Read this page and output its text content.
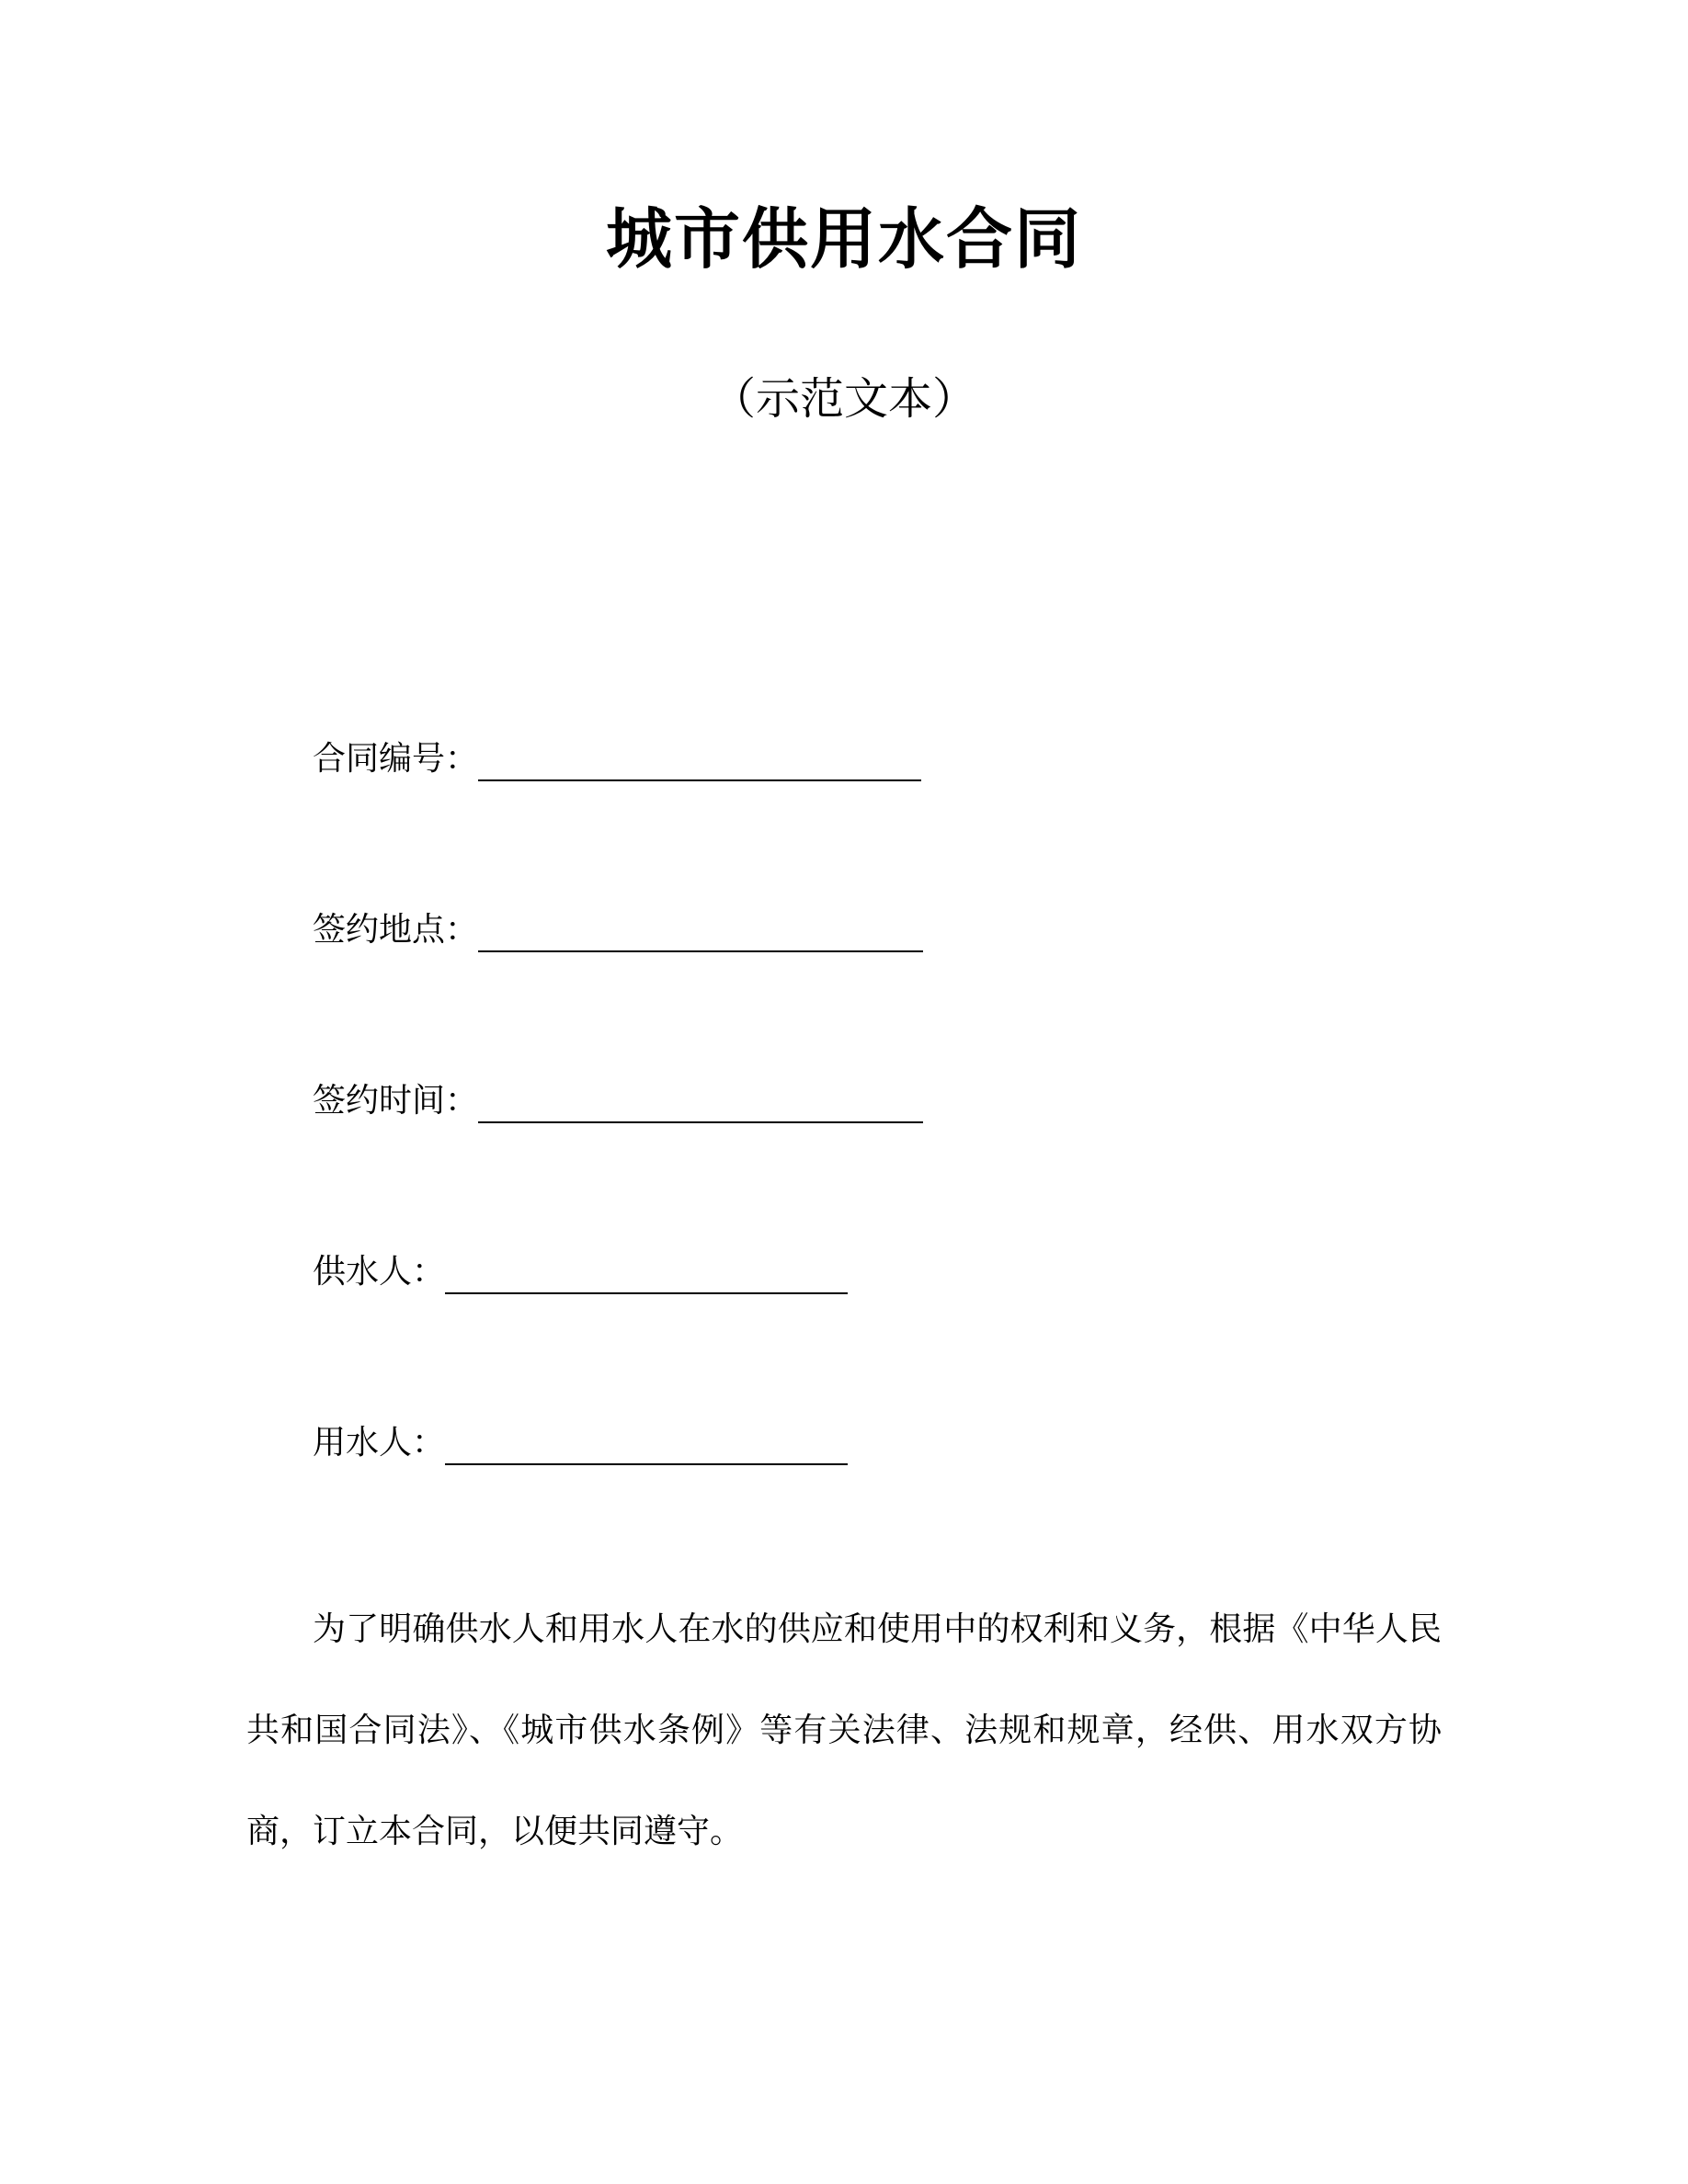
城市供用水合同
（示范文本）
合同编号：
签约地点：
签约时间：
供水人：
用水人：
为了明确供水人和用水人在水的供应和使用中的权利和义务，根据《中华人民共和国合同法》、《城市供水条例》等有关法律、法规和规章，经供、用水双方协商，订立本合同，以便共同遵守。
